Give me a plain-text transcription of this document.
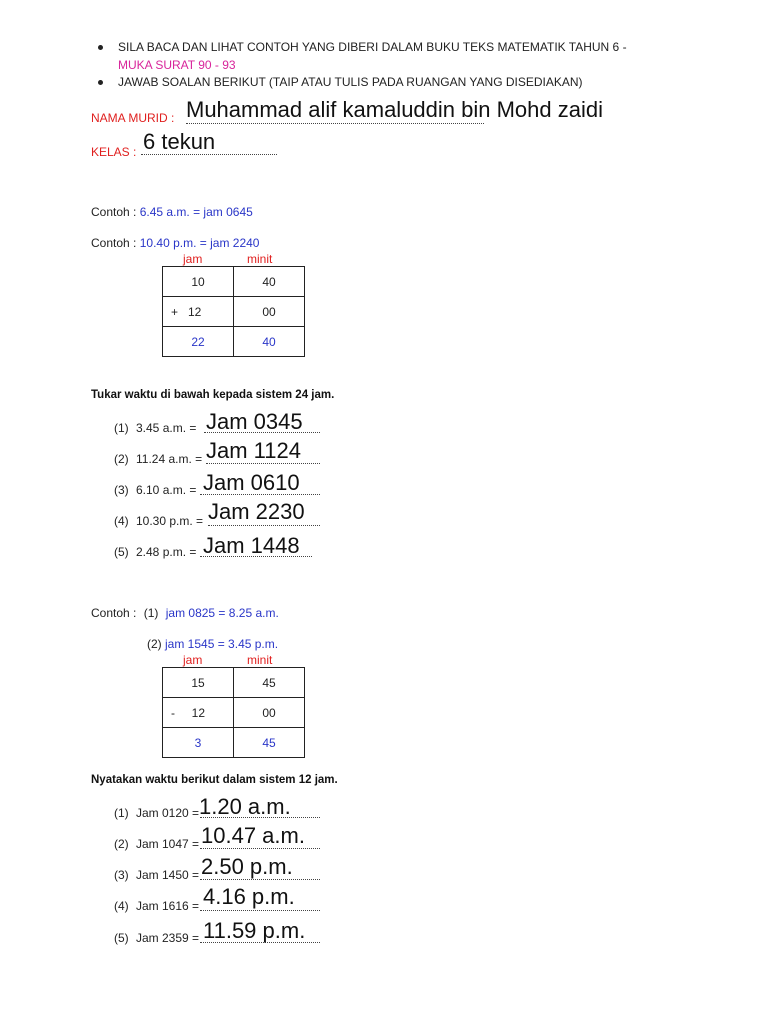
SILA BACA DAN LIHAT CONTOH YANG DIBERI DALAM BUKU TEKS MATEMATIK TAHUN 6 -
MUKA SURAT 90 - 93
JAWAB SOALAN BERIKUT (TAIP ATAU TULIS PADA RUANGAN YANG DISEDIAKAN)
NAMA MURID : Muhammad alif kamaluddin bin Mohd zaidi
KELAS : 6 tekun
Contoh : 6.45 a.m. = jam 0645
Contoh : 10.40 p.m. = jam 2240
jam	minit
10	40
+   12	00
22	40
Tukar waktu di bawah kepada sistem 24 jam.
(1) 3.45 a.m. = Jam 0345
(2) 11.24 a.m. = Jam 1124
(3) 6.10 a.m. = Jam 0610
(4) 10.30 p.m. = Jam 2230
(5) 2.48 p.m. = Jam 1448
Contoh : (1) jam 0825 = 8.25 a.m.
(2) jam 1545 = 3.45 p.m.
jam	minit
15	45
-     12	00
3	45
Nyatakan waktu berikut dalam sistem 12 jam.
(1) Jam 0120 = 1.20 a.m.
(2) Jam 1047 = 10.47 a.m.
(3) Jam 1450 = 2.50 p.m.
(4) Jam 1616 = 4.16 p.m.
(5) Jam 2359 = 11.59 p.m.
